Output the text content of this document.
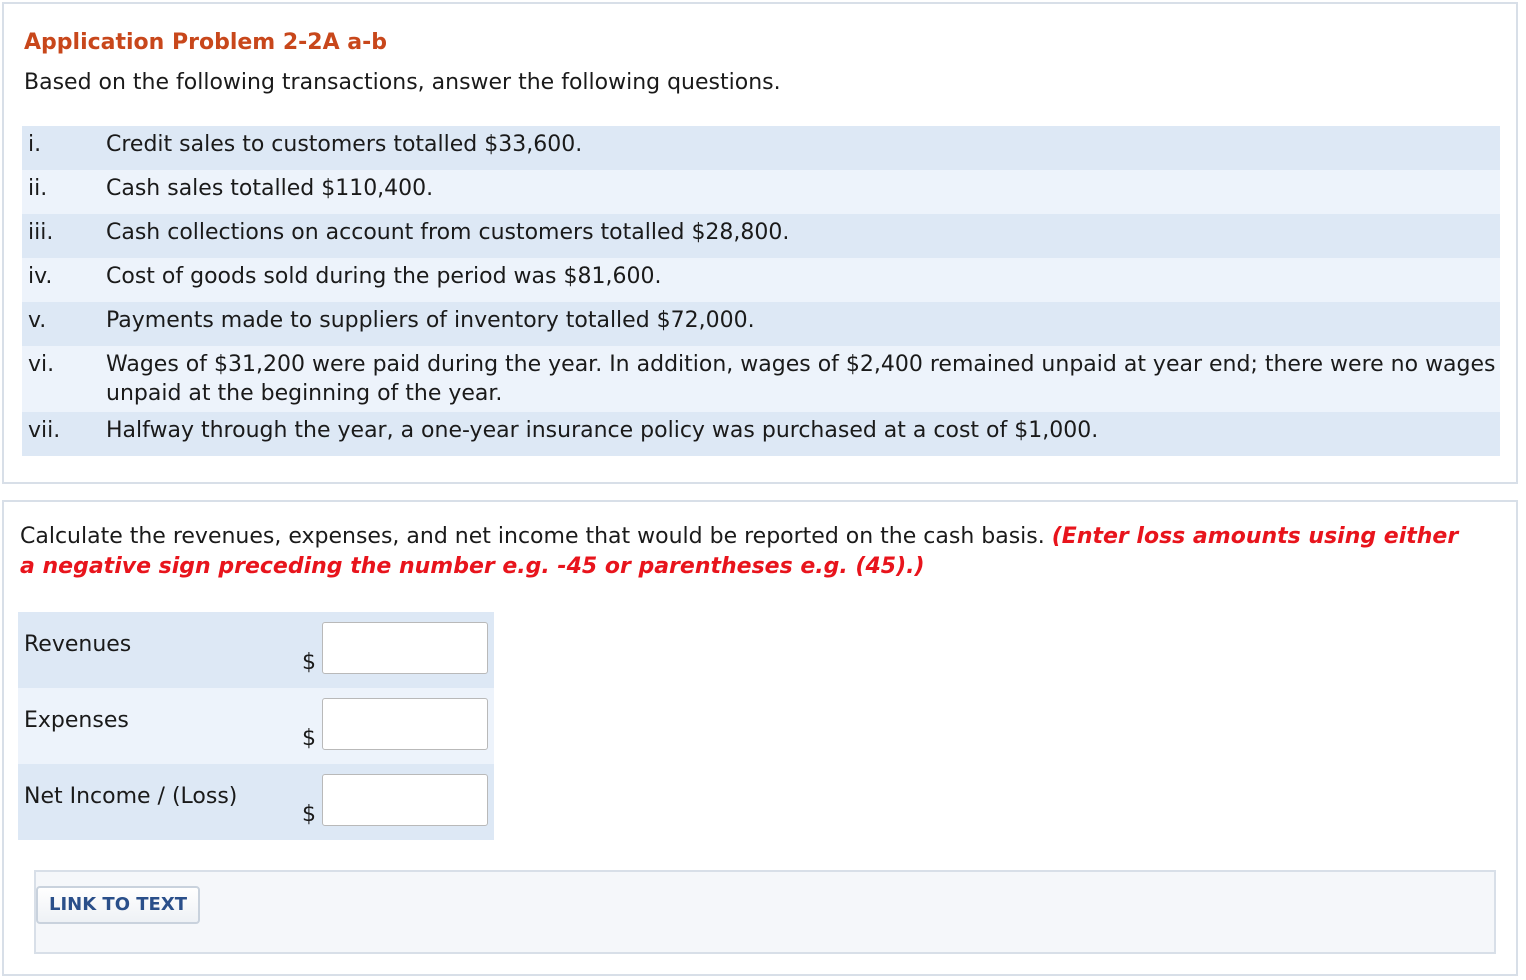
Application Problem 2-2A a-b
Based on the following transactions, answer the following questions.
i.	Credit sales to customers totalled $33,600.
ii.	Cash sales totalled $110,400.
iii.	Cash collections on account from customers totalled $28,800.
iv.	Cost of goods sold during the period was $81,600.
v.	Payments made to suppliers of inventory totalled $72,000.
vi.	Wages of $31,200 were paid during the year. In addition, wages of $2,400 remained unpaid at year end; there were no wages unpaid at the beginning of the year.
vii.	Halfway through the year, a one-year insurance policy was purchased at a cost of $1,000.
Calculate the revenues, expenses, and net income that would be reported on the cash basis. (Enter loss amounts using either a negative sign preceding the number e.g. -45 or parentheses e.g. (45).)
Revenues
$
Expenses
$
Net Income / (Loss)
$
LINK TO TEXT
